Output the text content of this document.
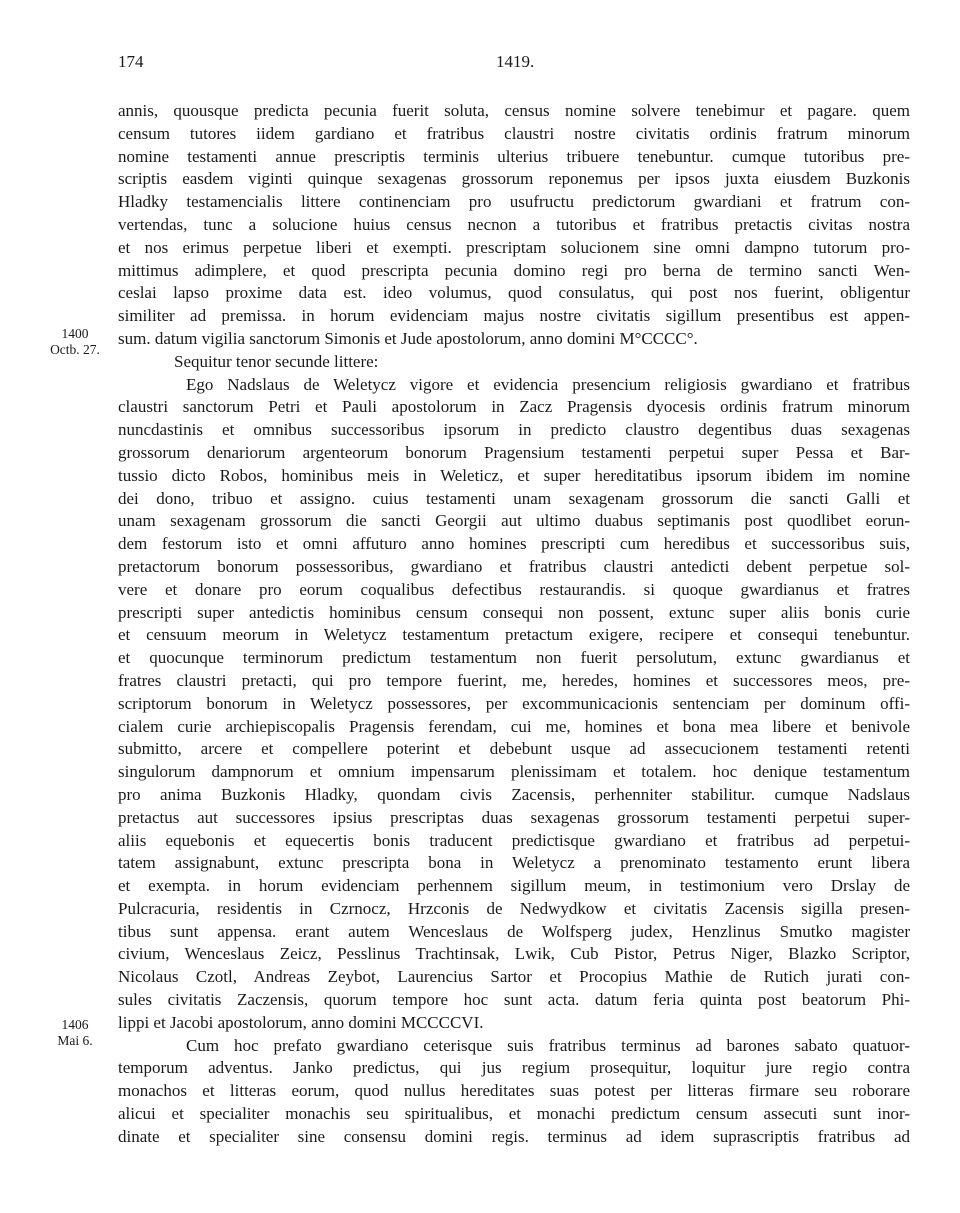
174	1419.
1400
Octb. 27.
1406
Mai 6.
annis, quousque predicta pecunia fuerit soluta, census nomine solvere tenebimur et pagare. quem
censum tutores iidem gardiano et fratribus claustri nostre civitatis ordinis fratrum minorum
nomine testamenti annue prescriptis terminis ulterius tribuere tenebuntur. cumque tutoribus pre-
scriptis easdem viginti quinque sexagenas grossorum reponemus per ipsos juxta eiusdem Buzkonis
Hladky testamencialis littere continenciam pro usufructu predictorum gwardiani et fratrum con-
vertendas, tunc a solucione huius census necnon a tutoribus et fratribus pretactis civitas nostra
et nos erimus perpetue liberi et exempti. prescriptam solucionem sine omni dampno tutorum pro-
mittimus adimplere, et quod prescripta pecunia domino regi pro berna de termino sancti Wen-
ceslai lapso proxime data est. ideo volumus, quod consulatus, qui post nos fuerint, obligentur
similiter ad premissa. in horum evidenciam majus nostre civitatis sigillum presentibus est appen-
sum. datum vigilia sanctorum Simonis et Jude apostolorum, anno domini M°CCCC°.
Sequitur tenor secunde littere:
Ego Nadslaus de Weletycz vigore et evidencia presencium religiosis gwardiano et fratribus
claustri sanctorum Petri et Pauli apostolorum in Zacz Pragensis dyocesis ordinis fratrum minorum
nuncdastinis et omnibus successoribus ipsorum in predicto claustro degentibus duas sexagenas
grossorum denariorum argenteorum bonorum Pragensium testamenti perpetui super Pessa et Bar-
tussio dicto Robos, hominibus meis in Weleticz, et super hereditatibus ipsorum ibidem im nomine
dei dono, tribuo et assigno. cuius testamenti unam sexagenam grossorum die sancti Galli et
unam sexagenam grossorum die sancti Georgii aut ultimo duabus septimanis post quodlibet eorun-
dem festorum isto et omni affuturo anno homines prescripti cum heredibus et successoribus suis,
pretactorum bonorum possessoribus, gwardiano et fratribus claustri antedicti debent perpetue sol-
vere et donare pro eorum coqualibus defectibus restaurandis. si quoque gwardianus et fratres
prescripti super antedictis hominibus censum consequi non possent, extunc super aliis bonis curie
et censuum meorum in Weletycz testamentum pretactum exigere, recipere et consequi tenebuntur.
et quocunque terminorum predictum testamentum non fuerit persolutum, extunc gwardianus et
fratres claustri pretacti, qui pro tempore fuerint, me, heredes, homines et successores meos, pre-
scriptorum bonorum in Weletycz possessores, per excommunicacionis sentenciam per dominum offi-
cialem curie archiepiscopalis Pragensis ferendam, cui me, homines et bona mea libere et benivole
submitto, arcere et compellere poterint et debebunt usque ad assecucionem testamenti retenti
singulorum dampnorum et omnium impensarum plenissimam et totalem. hoc denique testamentum
pro anima Buzkonis Hladky, quondam civis Zacensis, perhenniter stabilitur. cumque Nadslaus
pretactus aut successores ipsius prescriptas duas sexagenas grossorum testamenti perpetui super-
aliis equebonis et equecertis bonis traducent predictisque gwardiano et fratribus ad perpetui-
tatem assignabunt, extunc prescripta bona in Weletycz a prenominato testamento erunt libera
et exempta. in horum evidenciam perhennem sigillum meum, in testimonium vero Drslay de
Pulcracuria, residentis in Czrnocz, Hrzconis de Nedwydkow et civitatis Zacensis sigilla presen-
tibus sunt appensa. erant autem Wenceslaus de Wolfsperg judex, Henzlinus Smutko magister
civium, Wenceslaus Zeicz, Pesslinus Trachtinsak, Lwik, Cub Pistor, Petrus Niger, Blazko Scriptor,
Nicolaus Czotl, Andreas Zeybot, Laurencius Sartor et Procopius Mathie de Rutich jurati con-
sules civitatis Zaczensis, quorum tempore hoc sunt acta. datum feria quinta post beatorum Phi-
lippi et Jacobi apostolorum, anno domini MCCCCVI.
Cum hoc prefato gwardiano ceterisque suis fratribus terminus ad barones sabato quatuor-
temporum adventus. Janko predictus, qui jus regium prosequitur, loquitur jure regio contra
monachos et litteras eorum, quod nullus hereditates suas potest per litteras firmare seu roborare
alicui et specialiter monachis seu spiritualibus, et monachi predictum censum assecuti sunt inor-
dinate et specialiter sine consensu domini regis. terminus ad idem suprascriptis fratribus ad
